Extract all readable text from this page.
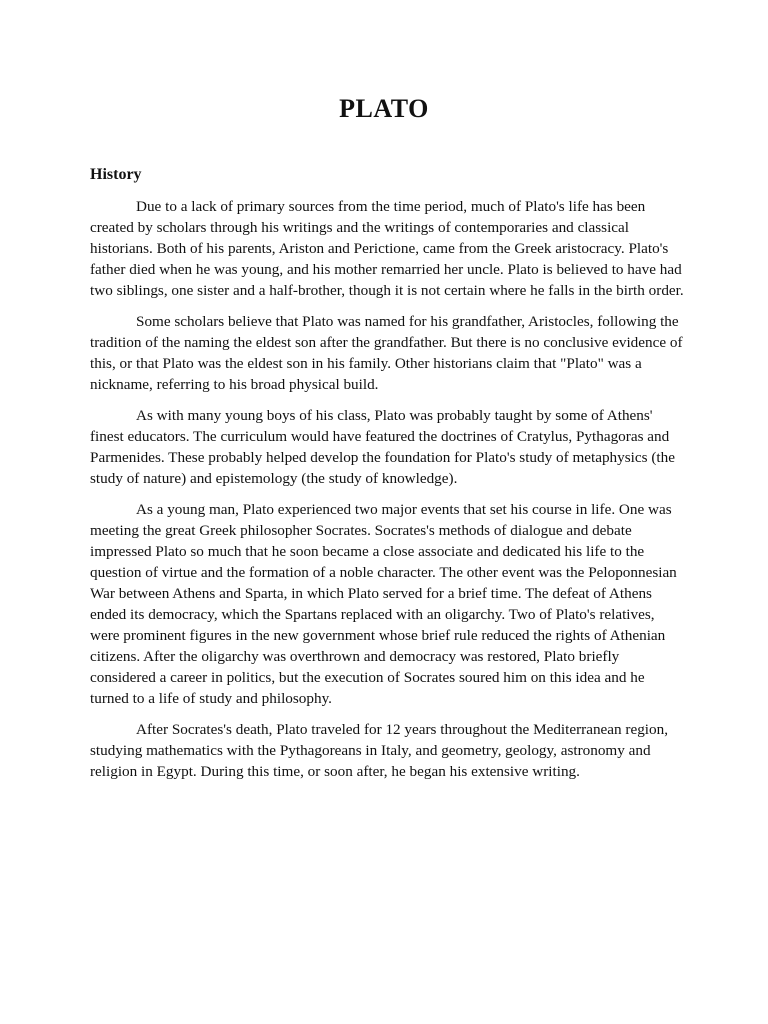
PLATO
History

Due to a lack of primary sources from the time period, much of Plato's life has been created by scholars through his writings and the writings of contemporaries and classical historians. Both of his parents, Ariston and Perictione, came from the Greek aristocracy. Plato's father died when he was young, and his mother remarried her uncle. Plato is believed to have had two siblings, one sister and a half-brother, though it is not certain where he falls in the birth order.

Some scholars believe that Plato was named for his grandfather, Aristocles, following the tradition of the naming the eldest son after the grandfather. But there is no conclusive evidence of this, or that Plato was the eldest son in his family. Other historians claim that "Plato" was a nickname, referring to his broad physical build.

As with many young boys of his class, Plato was probably taught by some of Athens' finest educators. The curriculum would have featured the doctrines of Cratylus, Pythagoras and Parmenides. These probably helped develop the foundation for Plato's study of metaphysics (the study of nature) and epistemology (the study of knowledge).

As a young man, Plato experienced two major events that set his course in life. One was meeting the great Greek philosopher Socrates. Socrates's methods of dialogue and debate impressed Plato so much that he soon became a close associate and dedicated his life to the question of virtue and the formation of a noble character. The other event was the Peloponnesian War between Athens and Sparta, in which Plato served for a brief time. The defeat of Athens ended its democracy, which the Spartans replaced with an oligarchy. Two of Plato's relatives, were prominent figures in the new government whose brief rule reduced the rights of Athenian citizens. After the oligarchy was overthrown and democracy was restored, Plato briefly considered a career in politics, but the execution of Socrates soured him on this idea and he turned to a life of study and philosophy.

After Socrates's death, Plato traveled for 12 years throughout the Mediterranean region, studying mathematics with the Pythagoreans in Italy, and geometry, geology, astronomy and religion in Egypt. During this time, or soon after, he began his extensive writing.
